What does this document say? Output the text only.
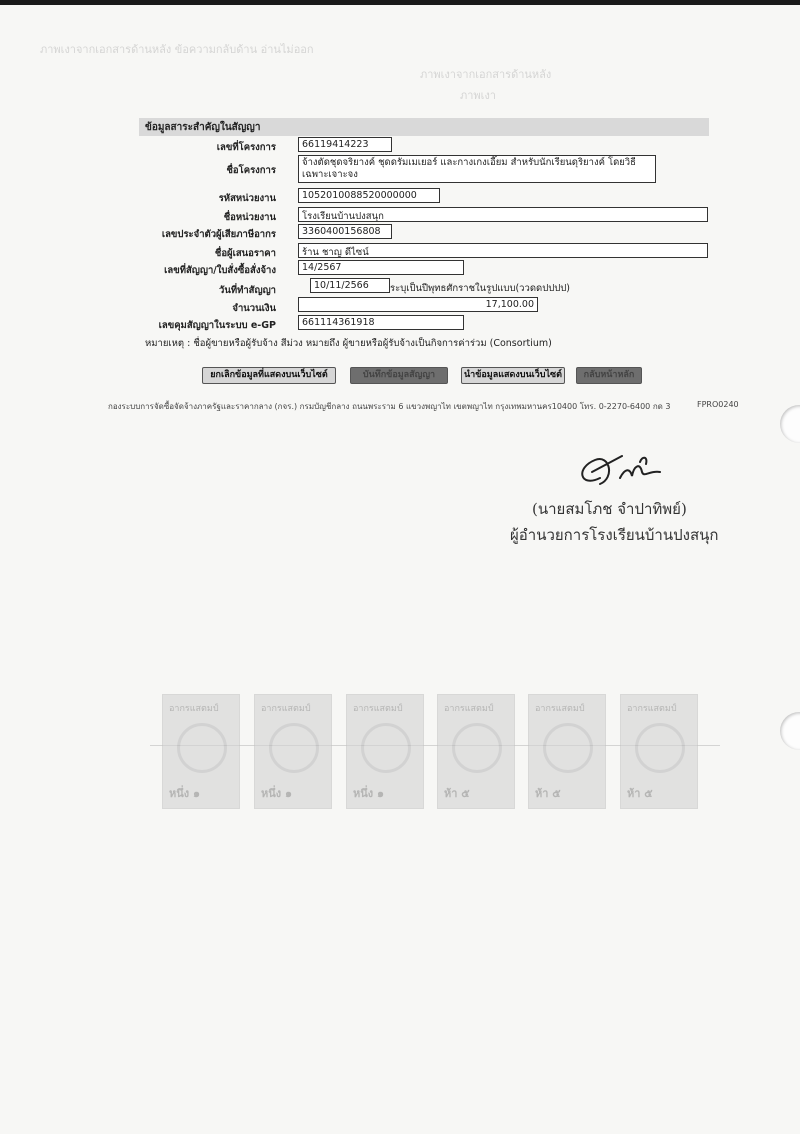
ภาพเงาจากเอกสารด้านหลัง ข้อความกลับด้าน อ่านไม่ออก
ภาพเงาจากเอกสารด้านหลัง
ภาพเงา
ข้อมูลสาระสำคัญในสัญญา
เลขที่โครงการ	66119414223
ชื่อโครงการ
จ้างตัดชุดจริยางค์ ชุดดรัมเมเยอร์ และกางเกงเอี๊ยม สำหรับนักเรียนดุริยางค์ โดยวิธีเฉพาะเจาะจง
รหัสหน่วยงาน	1052010088520000000
ชื่อหน่วยงาน	โรงเรียนบ้านปงสนุก
เลขประจำตัวผู้เสียภาษีอากร	3360400156808
ชื่อผู้เสนอราคา	ร้าน ชาญ ดีไซน์
เลขที่สัญญา/ใบสั่งซื้อสั่งจ้าง	14/2567
วันที่ทำสัญญา	10/11/2566	ระบุเป็นปีพุทธศักราชในรูปแบบ(ววดดปปปป)
จำนวนเงิน	17,100.00
เลขคุมสัญญาในระบบ e-GP	661114361918
หมายเหตุ : ชื่อผู้ขายหรือผู้รับจ้าง สีม่วง หมายถึง ผู้ขายหรือผู้รับจ้างเป็นกิจการค่าร่วม (Consortium)
ยกเลิกข้อมูลที่แสดงบนเว็บไซต์	บันทึกข้อมูลสัญญา	นำข้อมูลแสดงบนเว็บไซต์	กลับหน้าหลัก
กองระบบการจัดซื้อจัดจ้างภาครัฐและราคากลาง (กจร.) กรมบัญชีกลาง ถนนพระราม 6 แขวงพญาไท เขตพญาไท กรุงเทพมหานคร10400 โทร. 0-2270-6400 กด 3	FPRO0240
(นายสมโภช จำปาทิพย์)
ผู้อำนวยการโรงเรียนบ้านปงสนุก
อากรแสตมป์
หนึ่ง ๑
อากรแสตมป์
หนึ่ง ๑
อากรแสตมป์
หนึ่ง ๑
อากรแสตมป์
ห้า ๕
อากรแสตมป์
ห้า ๕
อากรแสตมป์
ห้า ๕
